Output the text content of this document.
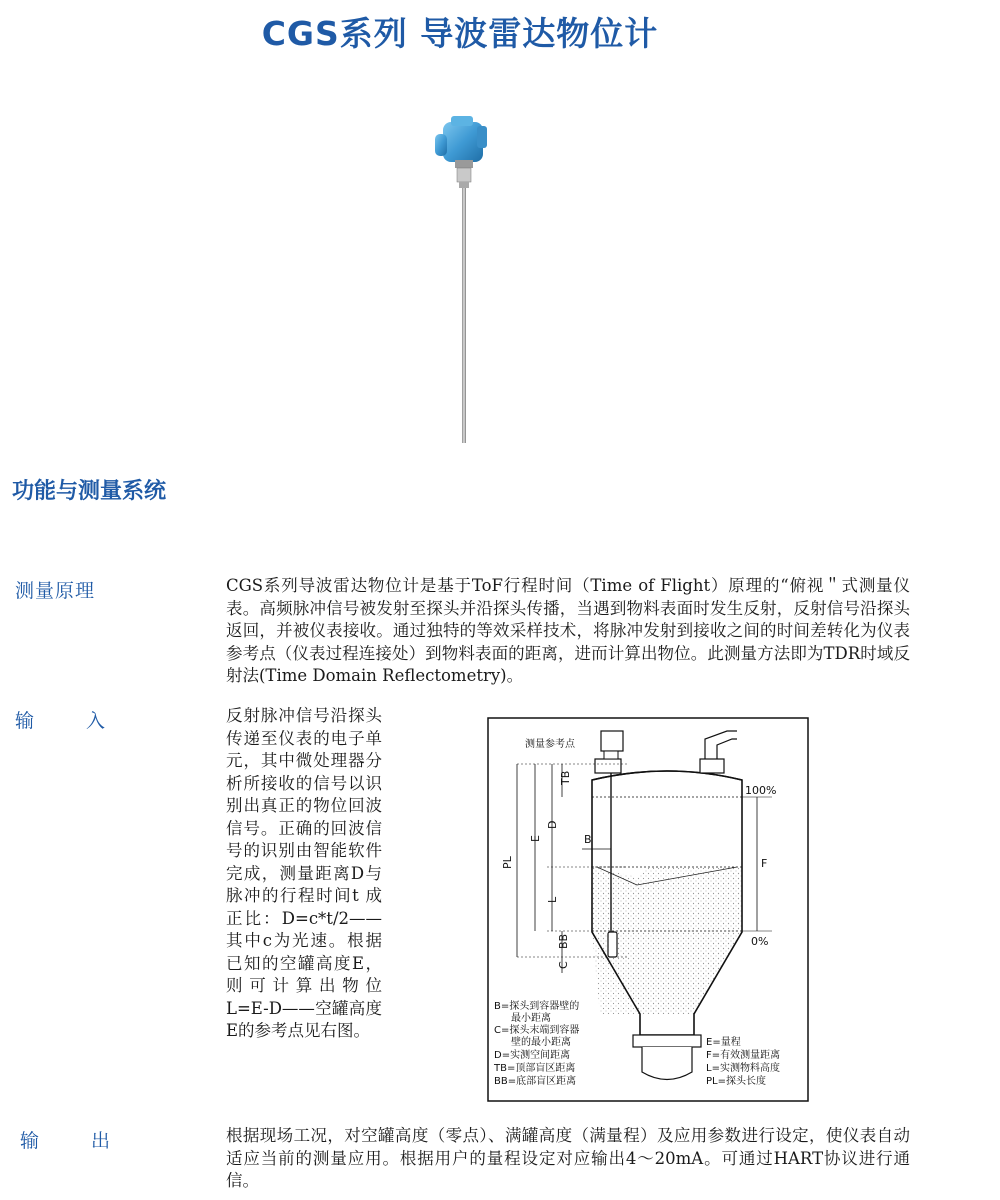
CGS系列 导波雷达物位计
功能与测量系统
测量原理	CGS系列导波雷达物位计是基于ToF行程时间（Time of Flight）原理的“俯视＂式测量仪表。高频脉冲信号被发射至探头并沿探头传播，当遇到物料表面时发生反射，反射信号沿探头返回，并被仪表接收。通过独特的等效采样技术，将脉冲发射到接收之间的时间差转化为仪表参考点（仪表过程连接处）到物料表面的距离，进而计算出物位。此测量方法即为TDR时域反射法(Time Domain Reflectometry)。
输入	反射脉冲信号沿探头传递至仪表的电子单元，其中微处理器分析所接收的信号以识别出真正的物位回波信号。正确的回波信号的识别由智能软件完成，测量距离D与脉冲的行程时间t 成正比：D=c*t/2——其中c为光速。根据已知的空罐高度E，则可计算出物位L=E-D——空罐高度E的参考点见右图。
测量参考点
TB
E
D
B
PL
L
BB
C
F
100%
0%
B=探头到容器壁的
最小距离
C=探头末端到容器
壁的最小距离
D=实测空间距离
TB=顶部盲区距离
BB=底部盲区距离
E=量程
F=有效测量距离
L=实测物料高度
PL=探头长度
输出	根据现场工况，对空罐高度（零点）、满罐高度（满量程）及应用参数进行设定，使仪表自动适应当前的测量应用。根据用户的量程设定对应输出4～20mA。可通过HART协议进行通信。
